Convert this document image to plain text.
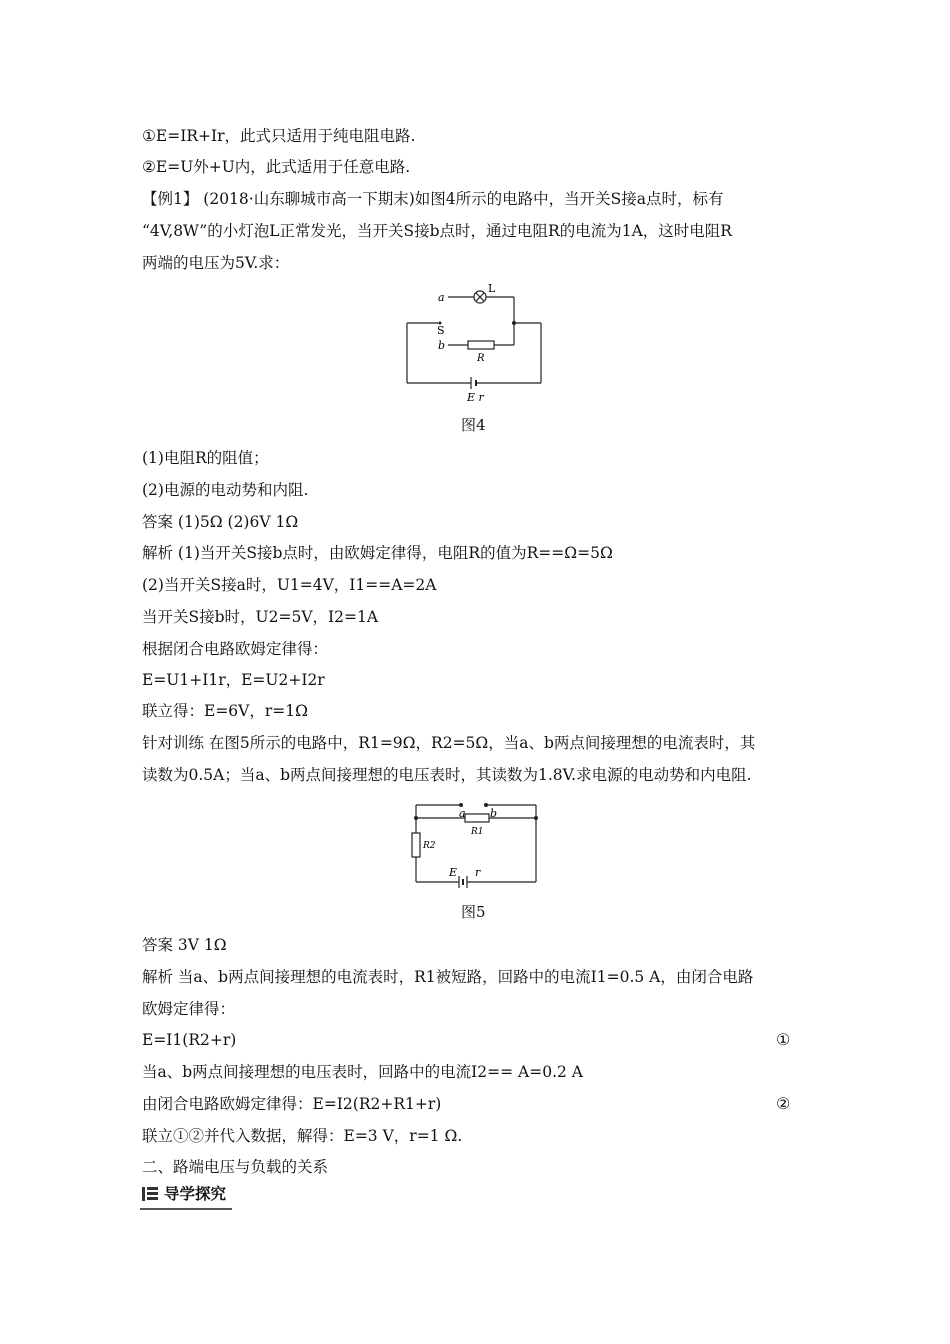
①E=IR+Ir，此式只适用于纯电阻电路.
②E=U外+U内，此式适用于任意电路.
【例1】 (2018·山东聊城市高一下期末)如图4所示的电路中，当开关S接a点时，标有
“4V,8W”的小灯泡L正常发光，当开关S接b点时，通过电阻R的电流为1A，这时电阻R
两端的电压为5V.求：
a
L
S
b
R
E r
图4
(1)电阻R的阻值；
(2)电源的电动势和内阻.
答案 (1)5Ω (2)6V 1Ω
解析 (1)当开关S接b点时，由欧姆定律得，电阻R的值为R==Ω=5Ω
(2)当开关S接a时，U1=4V，I1==A=2A
当开关S接b时，U2=5V，I2=1A
根据闭合电路欧姆定律得：
E=U1+I1r，E=U2+I2r
联立得：E=6V，r=1Ω
针对训练 在图5所示的电路中，R1=9Ω，R2=5Ω，当a、b两点间接理想的电流表时，其
读数为0.5A；当a、b两点间接理想的电压表时，其读数为1.8V.求电源的电动势和内电阻.
a b
R1
R2
E r
图5
答案 3V 1Ω
解析 当a、b两点间接理想的电流表时，R1被短路，回路中的电流I1=0.5 A，由闭合电路
欧姆定律得：
E=I1(R2+r)	①
当a、b两点间接理想的电压表时，回路中的电流I2== A=0.2 A
由闭合电路欧姆定律得：E=I2(R2+R1+r)	②
联立①②并代入数据，解得：E=3 V，r=1 Ω.
二、路端电压与负载的关系
导学探究
